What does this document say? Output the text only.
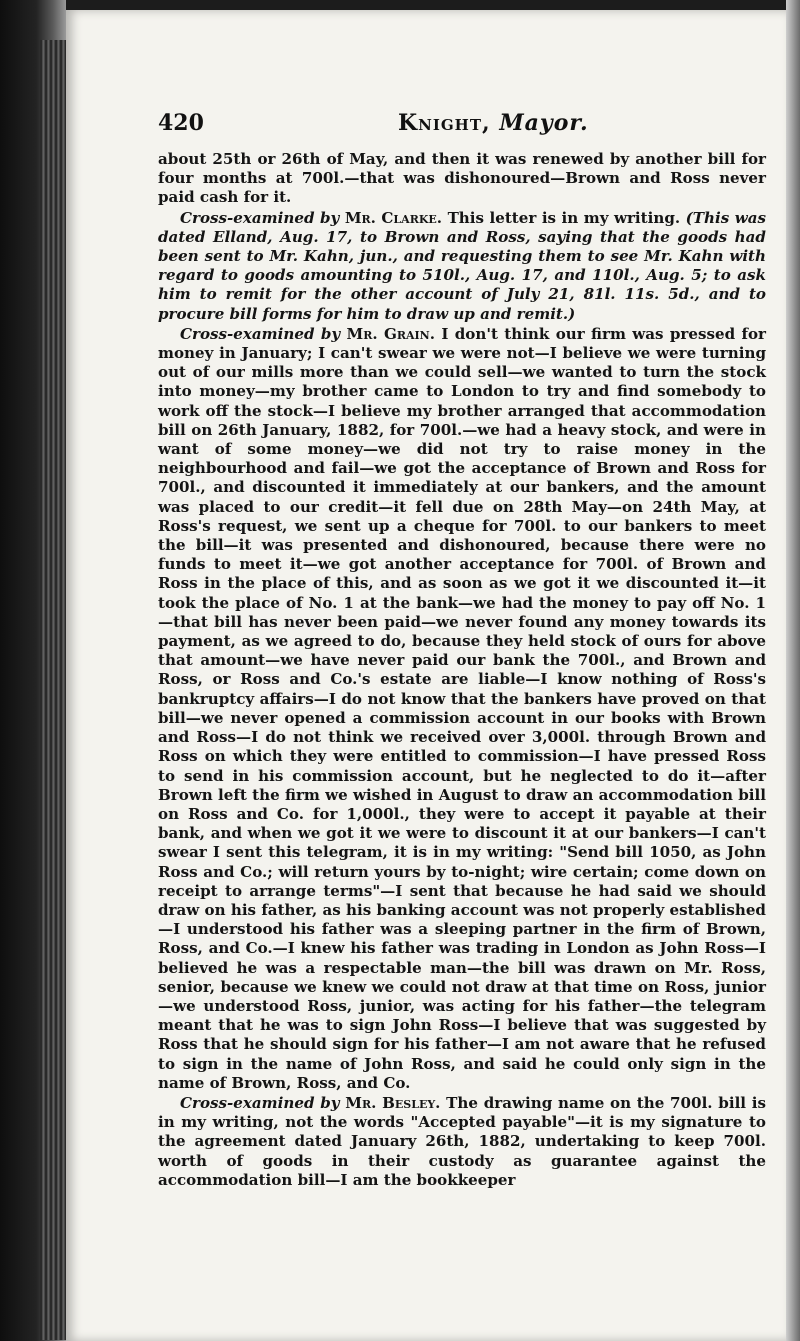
420	Knight, Mayor.

about 25th or 26th of May, and then it was renewed by another bill for four months at 700l.—that was dishonoured—Brown and Ross never paid cash for it.

Cross-examined by Mr. Clarke. This letter is in my writing. (This was dated Elland, Aug. 17, to Brown and Ross, saying that the goods had been sent to Mr. Kahn, jun., and requesting them to see Mr. Kahn with regard to goods amounting to 510l., Aug. 17, and 110l., Aug. 5; to ask him to remit for the other account of July 21, 81l. 11s. 5d., and to procure bill forms for him to draw up and remit.)

Cross-examined by Mr. Grain. I don't think our firm was pressed for money in January; I can't swear we were not—I believe we were turning out of our mills more than we could sell—we wanted to turn the stock into money—my brother came to London to try and find somebody to work off the stock—I believe my brother arranged that accommodation bill on 26th January, 1882, for 700l.—we had a heavy stock, and were in want of some money—we did not try to raise money in the neighbourhood and fail—we got the acceptance of Brown and Ross for 700l., and discounted it immediately at our bankers, and the amount was placed to our credit—it fell due on 28th May—on 24th May, at Ross's request, we sent up a cheque for 700l. to our bankers to meet the bill—it was presented and dishonoured, because there were no funds to meet it—we got another acceptance for 700l. of Brown and Ross in the place of this, and as soon as we got it we discounted it—it took the place of No. 1 at the bank—we had the money to pay off No. 1—that bill has never been paid—we never found any money towards its payment, as we agreed to do, because they held stock of ours for above that amount—we have never paid our bank the 700l., and Brown and Ross, or Ross and Co.'s estate are liable—I know nothing of Ross's bankruptcy affairs—I do not know that the bankers have proved on that bill—we never opened a commission account in our books with Brown and Ross—I do not think we received over 3,000l. through Brown and Ross on which they were entitled to commission—I have pressed Ross to send in his commission account, but he neglected to do it—after Brown left the firm we wished in August to draw an accommodation bill on Ross and Co. for 1,000l., they were to accept it payable at their bank, and when we got it we were to discount it at our bankers—I can't swear I sent this telegram, it is in my writing: "Send bill 1050, as John Ross and Co.; will return yours by to-night; wire certain; come down on receipt to arrange terms"—I sent that because he had said we should draw on his father, as his banking account was not properly established—I understood his father was a sleeping partner in the firm of Brown, Ross, and Co.—I knew his father was trading in London as John Ross—I believed he was a respectable man—the bill was drawn on Mr. Ross, senior, because we knew we could not draw at that time on Ross, junior—we understood Ross, junior, was acting for his father—the telegram meant that he was to sign John Ross—I believe that was suggested by Ross that he should sign for his father—I am not aware that he refused to sign in the name of John Ross, and said he could only sign in the name of Brown, Ross, and Co.

Cross-examined by Mr. Besley. The drawing name on the 700l. bill is in my writing, not the words "Accepted payable"—it is my signature to the agreement dated January 26th, 1882, undertaking to keep 700l. worth of goods in their custody as guarantee against the accommodation bill—I am the bookkeeper
